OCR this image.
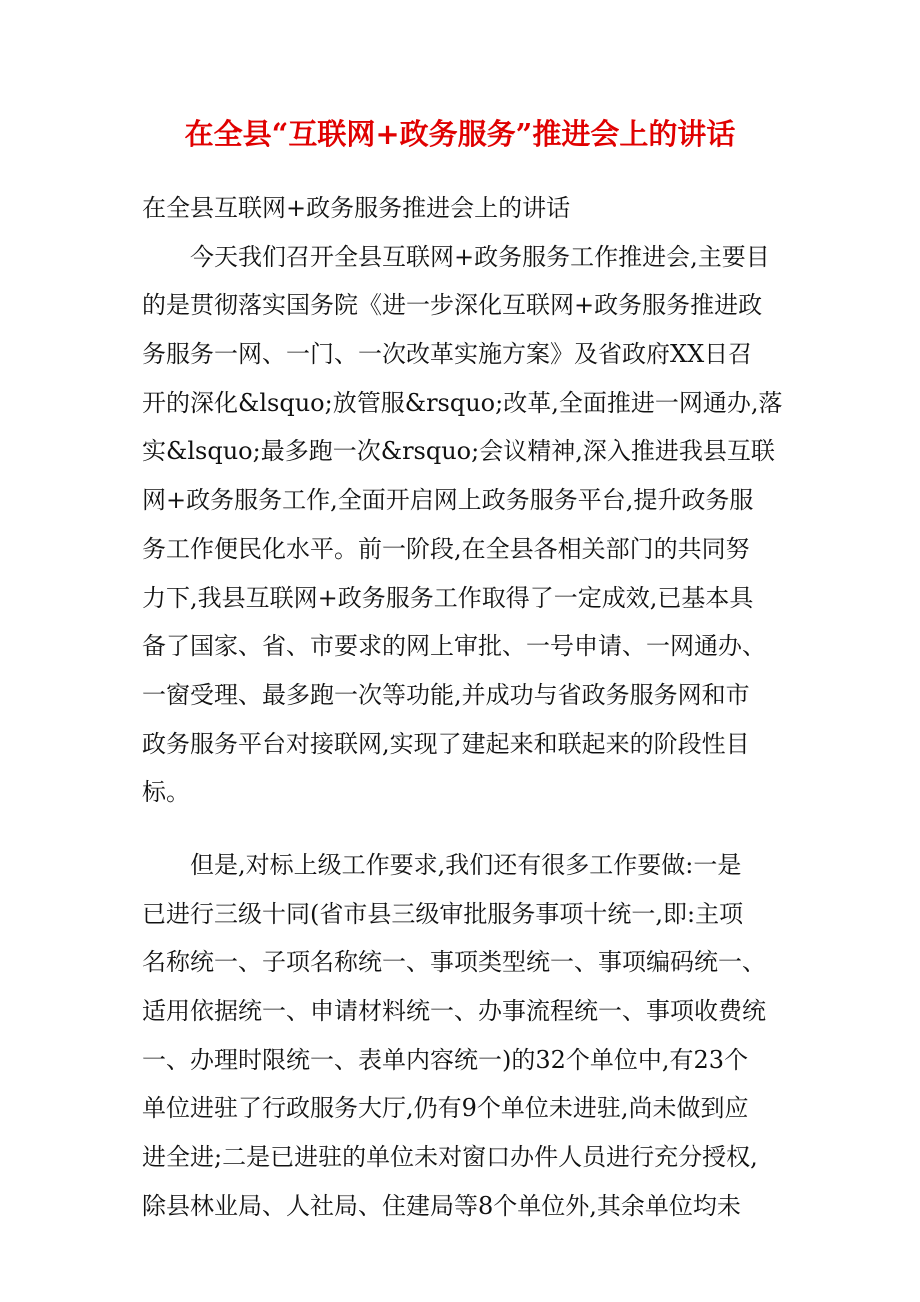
在全县“互联网+政务服务”推进会上的讲话
在全县互联网+政务服务推进会上的讲话
今天我们召开全县互联网+政务服务工作推进会,主要目
的是贯彻落实国务院《进一步深化互联网+政务服务推进政
务服务一网、一门、一次改革实施方案》及省政府XX日召
开的深化&lsquo;放管服&rsquo;改革,全面推进一网通办,落
实&lsquo;最多跑一次&rsquo;会议精神,深入推进我县互联
网+政务服务工作,全面开启网上政务服务平台,提升政务服
务工作便民化水平。前一阶段,在全县各相关部门的共同努
力下,我县互联网+政务服务工作取得了一定成效,已基本具
备了国家、省、市要求的网上审批、一号申请、一网通办、
一窗受理、最多跑一次等功能,并成功与省政务服务网和市
政务服务平台对接联网,实现了建起来和联起来的阶段性目
标。
但是,对标上级工作要求,我们还有很多工作要做:一是
已进行三级十同(省市县三级审批服务事项十统一,即:主项
名称统一、子项名称统一、事项类型统一、事项编码统一、
适用依据统一、申请材料统一、办事流程统一、事项收费统
一、办理时限统一、表单内容统一)的32个单位中,有23个
单位进驻了行政服务大厅,仍有9个单位未进驻,尚未做到应
进全进;二是已进驻的单位未对窗口办件人员进行充分授权,
除县林业局、人社局、住建局等8个单位外,其余单位均未
